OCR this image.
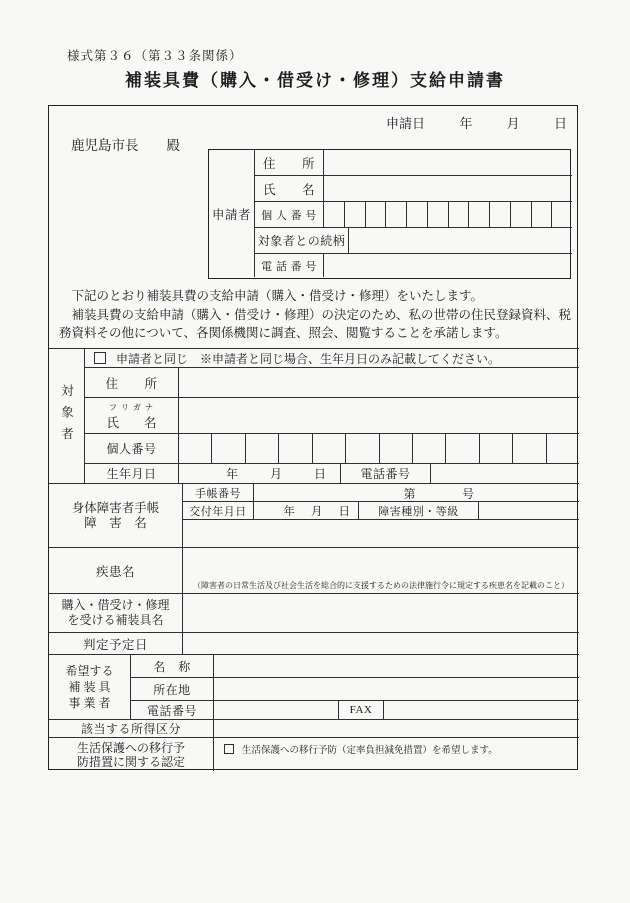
様式第３６（第３３条関係）
補装具費（購入・借受け・修理）支給申請書
申請日	年	月	日
鹿児島市長 殿
申請者
住　　所
氏　　名
個 人 番 号
対象者との続柄
電 話 番 号

　下記のとおり補装具費の支給申請（購入・借受け・修理）をいたします。

　補装具費の支給申請（購入・借受け・修理）の決定のため、私の世帯の住民登録資料、税務資料その他について、各関係機関に調査、照会、閲覧することを承諾します。

対象者
申請者と同じ　※申請者と同じ場合、生年月日のみ記載してください。
住　　所
フ リ ガ ナ
氏　　名
個人番号
生年月日	年	月	日	電話番号
身体障害者手帳
障　害　名
手帳番号	第	号
交付年月日	年 月 日	障害種別・等級
疾患名
（障害者の日常生活及び社会生活を総合的に支援するための法律施行令に規定する疾患名を記載のこと）
購入・借受け・修理
を受ける補装具名
判定予定日
希望する
補 装 具
事 業 者
名　称
所在地
電話番号	FAX
該当する所得区分
生活保護への移行予
防措置に関する認定
生活保護への移行予防（定率負担減免措置）を希望します。
